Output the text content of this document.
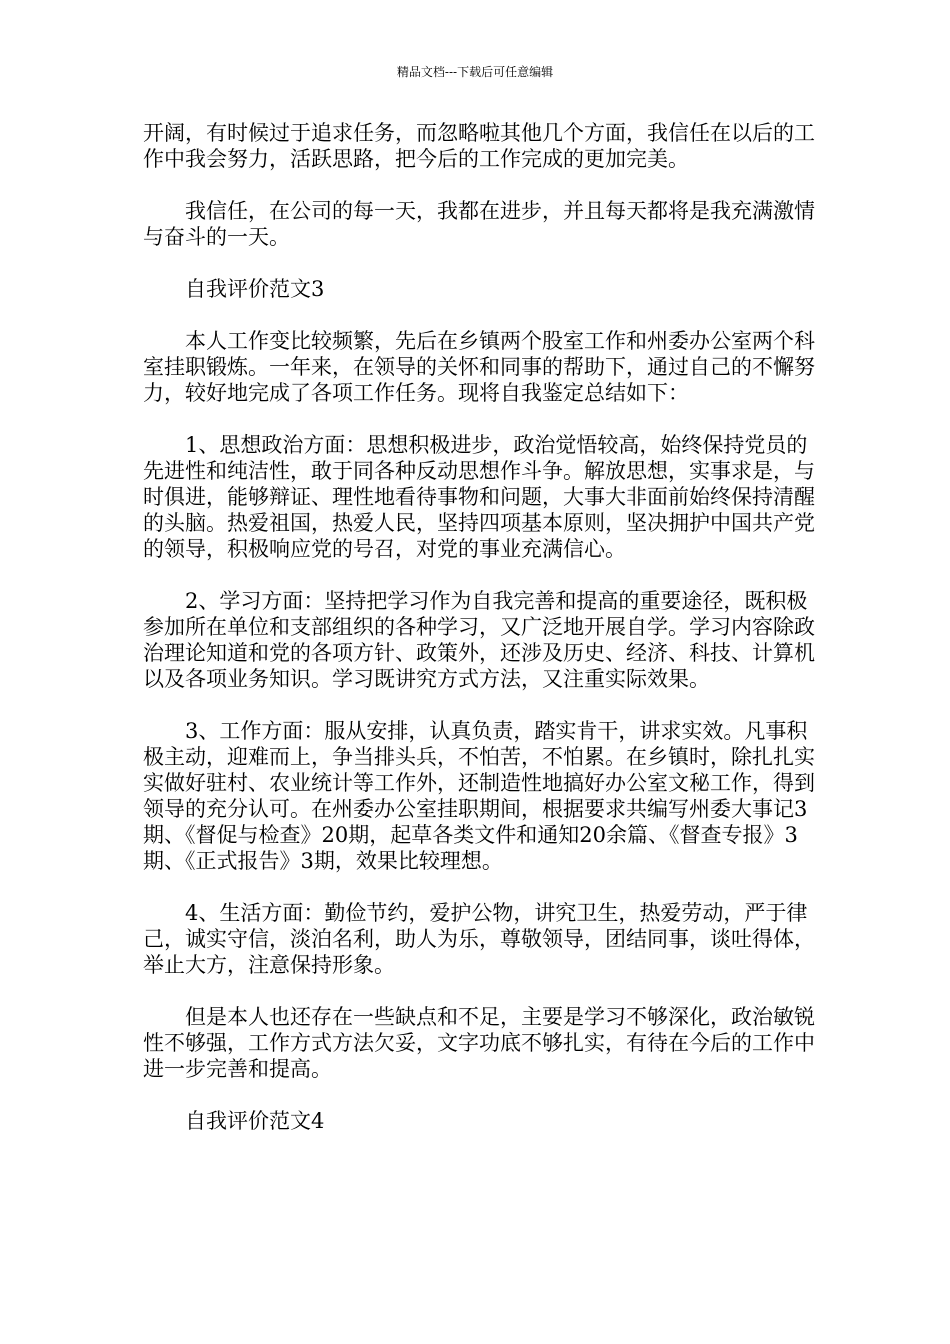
精品文档---下载后可任意编辑

开阔，有时候过于追求任务，而忽略啦其他几个方面，我信任在以后的工作中我会努力，活跃思路，把今后的工作完成的更加完美。

我信任，在公司的每一天，我都在进步，并且每天都将是我充满激情与奋斗的一天。

自我评价范文3

本人工作变比较频繁，先后在乡镇两个股室工作和州委办公室两个科室挂职锻炼。一年来，在领导的关怀和同事的帮助下，通过自己的不懈努力，较好地完成了各项工作任务。现将自我鉴定总结如下：

1、思想政治方面：思想积极进步，政治觉悟较高，始终保持党员的先进性和纯洁性，敢于同各种反动思想作斗争。解放思想，实事求是，与时俱进，能够辩证、理性地看待事物和问题，大事大非面前始终保持清醒的头脑。热爱祖国，热爱人民，坚持四项基本原则，坚决拥护中国共产党的领导，积极响应党的号召，对党的事业充满信心。

2、学习方面：坚持把学习作为自我完善和提高的重要途径，既积极参加所在单位和支部组织的各种学习，又广泛地开展自学。学习内容除政治理论知道和党的各项方针、政策外，还涉及历史、经济、科技、计算机以及各项业务知识。学习既讲究方式方法，又注重实际效果。

3、工作方面：服从安排，认真负责，踏实肯干，讲求实效。凡事积极主动，迎难而上，争当排头兵，不怕苦，不怕累。在乡镇时，除扎扎实实做好驻村、农业统计等工作外，还制造性地搞好办公室文秘工作，得到领导的充分认可。在州委办公室挂职期间，根据要求共编写州委大事记3期、《督促与检查》20期，起草各类文件和通知20余篇、《督查专报》3期、《正式报告》3期，效果比较理想。

4、生活方面：勤俭节约，爱护公物，讲究卫生，热爱劳动，严于律己，诚实守信，淡泊名利，助人为乐，尊敬领导，团结同事，谈吐得体，举止大方，注意保持形象。

但是本人也还存在一些缺点和不足，主要是学习不够深化，政治敏锐性不够强，工作方式方法欠妥，文字功底不够扎实，有待在今后的工作中进一步完善和提高。

自我评价范文4
